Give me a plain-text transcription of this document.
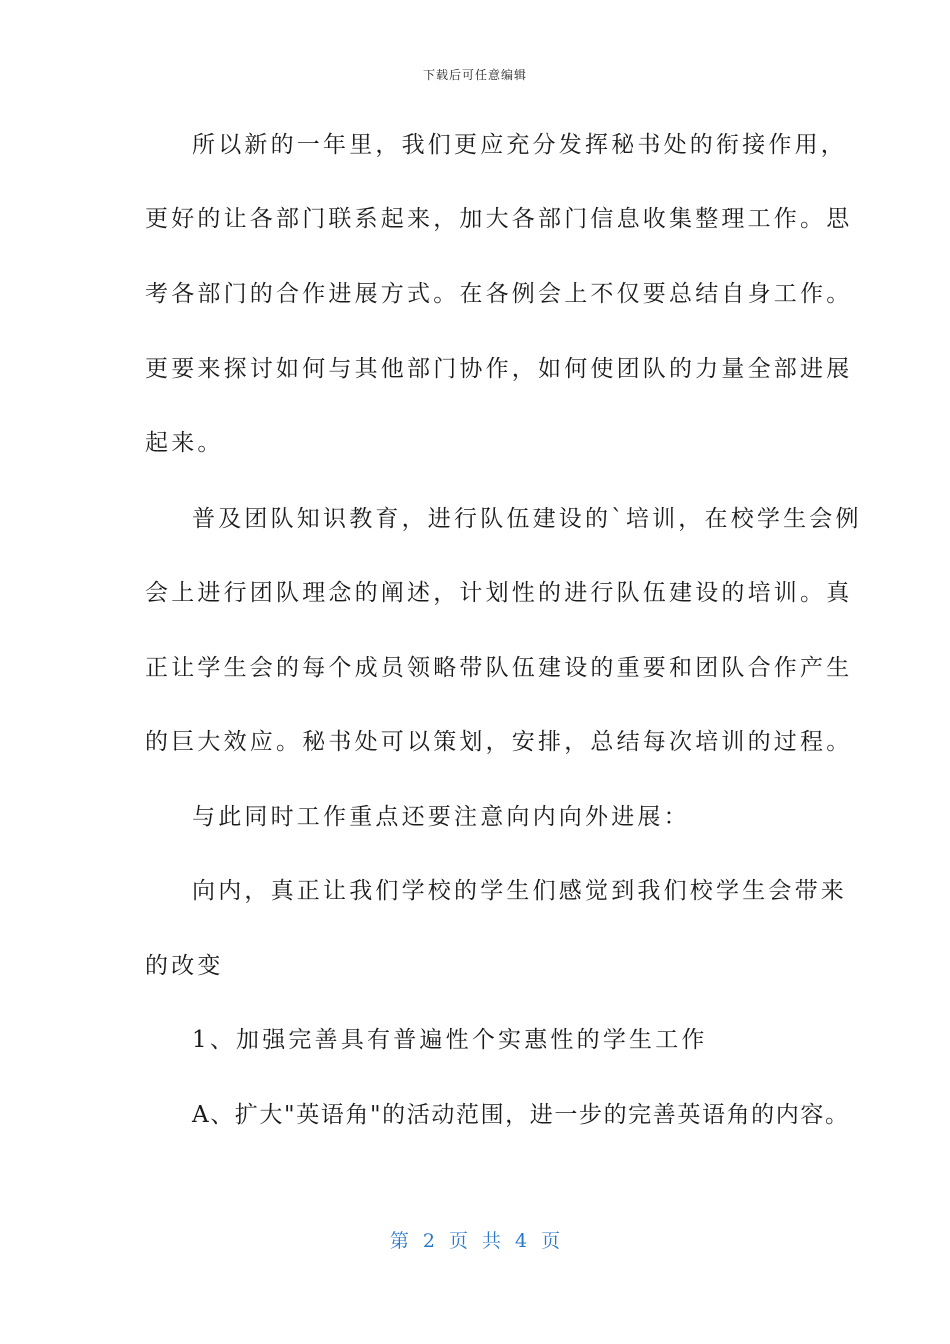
下载后可任意编辑
所以新的一年里，我们更应充分发挥秘书处的衔接作用，
更好的让各部门联系起来，加大各部门信息收集整理工作。思
考各部门的合作进展方式。在各例会上不仅要总结自身工作。
更要来探讨如何与其他部门协作，如何使团队的力量全部进展
起来。
普及团队知识教育，进行队伍建设的`培训，在校学生会例
会上进行团队理念的阐述，计划性的进行队伍建设的培训。真
正让学生会的每个成员领略带队伍建设的重要和团队合作产生
的巨大效应。秘书处可以策划，安排，总结每次培训的过程。
与此同时工作重点还要注意向内向外进展：
向内，真正让我们学校的学生们感觉到我们校学生会带来
的改变
1、加强完善具有普遍性个实惠性的学生工作
A、扩大"英语角"的活动范围，进一步的完善英语角的内容。
第 2 页 共 4 页
